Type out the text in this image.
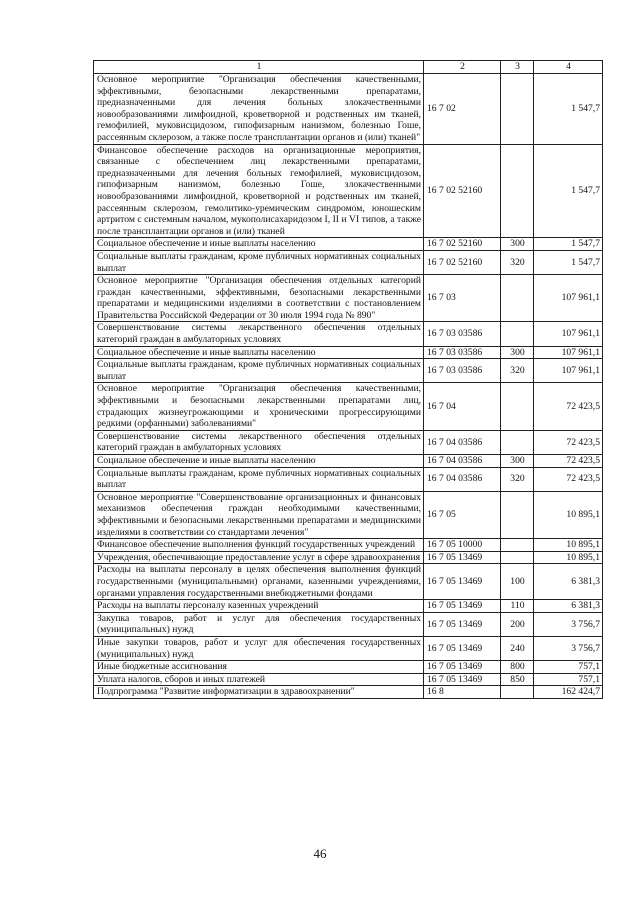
1	2	3	4
Основное мероприятие "Организация обеспечения качественными, эффективными, безопасными лекарственными препаратами, предназначенными для лечения больных злокачественными новообразованиями лимфоидной, кроветворной и родственных им тканей, гемофилией, муковисцидозом, гипофизарным нанизмом, болезнью Гоше, рассеянным склерозом, а также после трансплантации органов и (или) тканей"	16 7 02		1 547,7
Финансовое обеспечение расходов на организационные мероприятия, связанные с обеспечением лиц лекарственными препаратами, предназначенными для лечения больных гемофилией, муковисцидозом, гипофизарным нанизмом, болезнью Гоше, злокачественными новообразованиями лимфоидной, кроветворной и родственных им тканей, рассеянным склерозом, гемолитико-уремическим синдромом, юношеским артритом с системным началом, мукополисахаридозом I, II и VI типов, а также после трансплантации органов и (или) тканей	16 7 02 52160		1 547,7
Социальное обеспечение и иные выплаты населению	16 7 02 52160	300	1 547,7
Социальные выплаты гражданам, кроме публичных нормативных социальных выплат	16 7 02 52160	320	1 547,7
Основное мероприятие "Организация обеспечения отдельных категорий граждан качественными, эффективными, безопасными лекарственными препаратами и медицинскими изделиями в соответствии с постановлением Правительства Российской Федерации от 30 июля 1994 года № 890"	16 7 03		107 961,1
Совершенствование системы лекарственного обеспечения отдельных категорий граждан в амбулаторных условиях	16 7 03 03586		107 961,1
Социальное обеспечение и иные выплаты населению	16 7 03 03586	300	107 961,1
Социальные выплаты гражданам, кроме публичных нормативных социальных выплат	16 7 03 03586	320	107 961,1
Основное мероприятие "Организация обеспечения качественными, эффективными и безопасными лекарственными препаратами лиц, страдающих жизнеугрожающими и хроническими прогрессирующими редкими (орфанными) заболеваниями"	16 7 04		72 423,5
Совершенствование системы лекарственного обеспечения отдельных категорий граждан в амбулаторных условиях	16 7 04 03586		72 423,5
Социальное обеспечение и иные выплаты населению	16 7 04 03586	300	72 423,5
Социальные выплаты гражданам, кроме публичных нормативных социальных выплат	16 7 04 03586	320	72 423,5
Основное мероприятие "Совершенствование организационных и финансовых механизмов обеспечения граждан необходимыми качественными, эффективными и безопасными лекарственными препаратами и медицинскими изделиями в соответствии со стандартами лечения"	16 7 05		10 895,1
Финансовое обеспечение выполнения функций государственных учреждений	16 7 05 10000		10 895,1
Учреждения, обеспечивающие предоставление услуг в сфере здравоохранения	16 7 05 13469		10 895,1
Расходы на выплаты персоналу в целях обеспечения выполнения функций государственными (муниципальными) органами, казенными учреждениями, органами управления государственными внебюджетными фондами	16 7 05 13469	100	6 381,3
Расходы на выплаты персоналу казенных учреждений	16 7 05 13469	110	6 381,3
Закупка товаров, работ и услуг для обеспечения государственных (муниципальных) нужд	16 7 05 13469	200	3 756,7
Иные закупки товаров, работ и услуг для обеспечения государственных (муниципальных) нужд	16 7 05 13469	240	3 756,7
Иные бюджетные ассигнования	16 7 05 13469	800	757,1
Уплата налогов, сборов и иных платежей	16 7 05 13469	850	757,1
Подпрограмма "Развитие информатизации в здравоохранении"	16 8		162 424,7
46
